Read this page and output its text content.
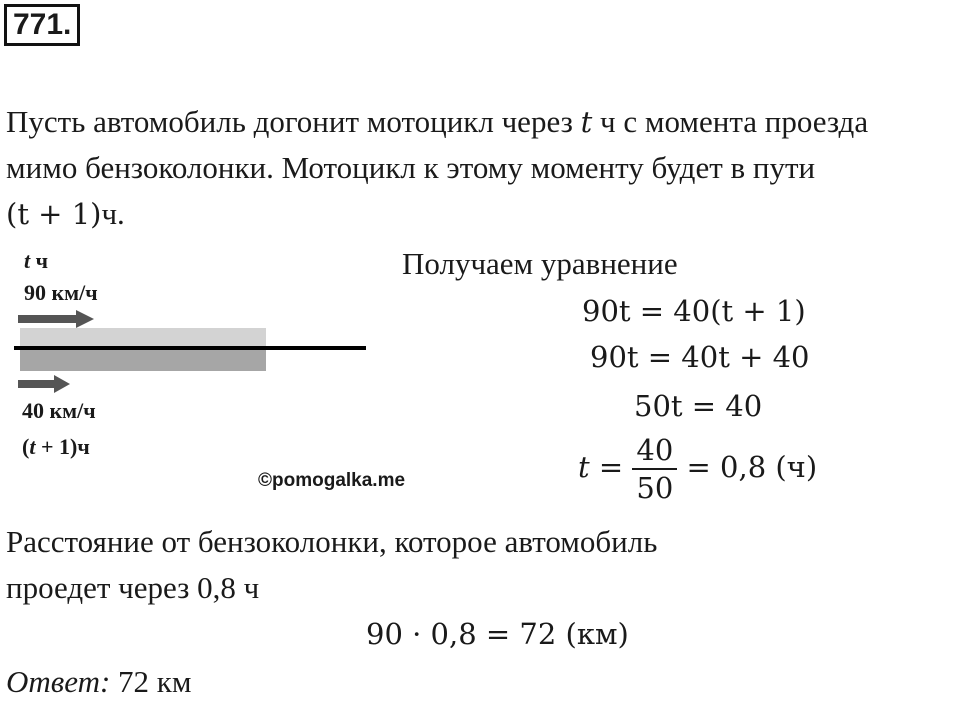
771.
Пусть автомобиль догонит мотоцикл через t ч с момента проезда
мимо бензоколонки. Мотоцикл к этому моменту будет в пути
(t + 1)ч.
t ч
90 км/ч
40 км/ч
(t + 1)ч
©pomogalka.me
Получаем уравнение
90t = 40(t + 1)
90t = 40t + 40
50t = 40
$t = \frac{40}{50} = 0,8$ (ч)
Расстояние от бензоколонки, которое автомобиль
проедет через 0,8 ч
90 · 0,8 = 72 (км)
Ответ: 72 км
